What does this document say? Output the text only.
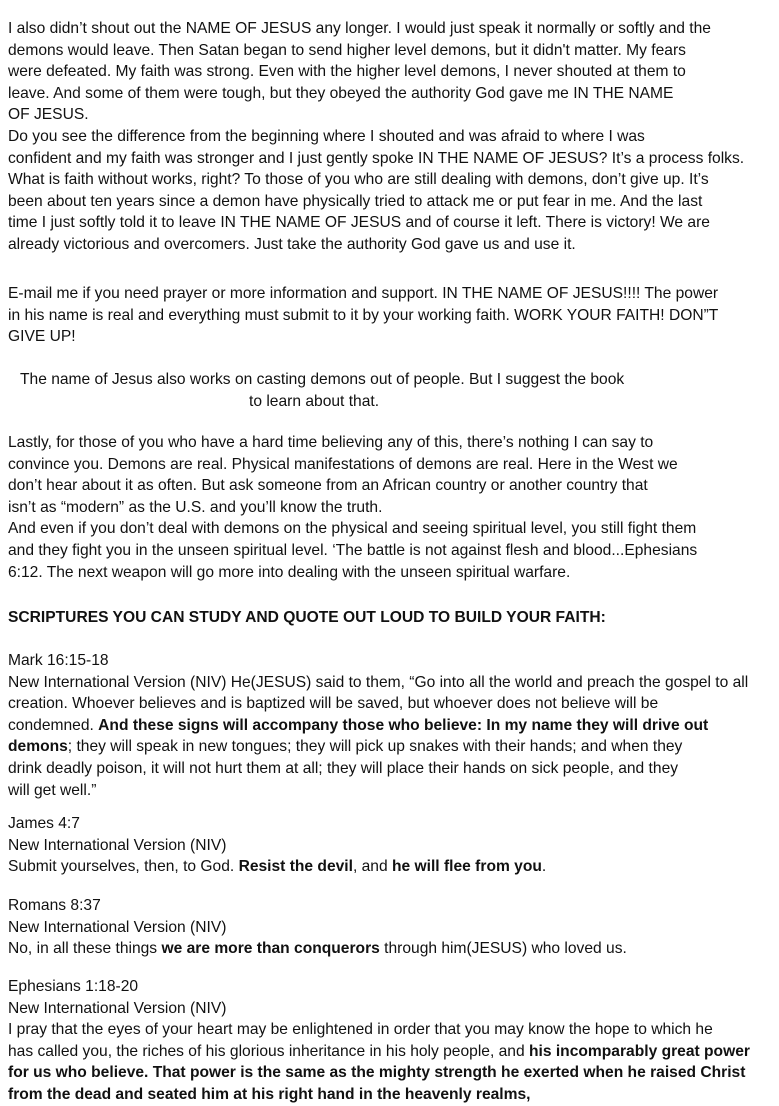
I also didn’t shout out the NAME OF JESUS any longer. I would just speak it normally or softly and the
demons would leave. Then Satan began to send higher level demons, but it didn't matter. My fears
were defeated. My faith was strong. Even with the higher level demons, I never shouted at them to
leave. And some of them were tough, but they obeyed the authority God gave me IN THE NAME
OF JESUS.
Do you see the difference from the beginning where I shouted and was afraid to where I was
confident and my faith was stronger and I just gently spoke IN THE NAME OF JESUS? It’s a process folks.
What is faith without works, right? To those of you who are still dealing with demons, don’t give up. It’s
been about ten years since a demon have physically tried to attack me or put fear in me. And the last
time I just softly told it to leave IN THE NAME OF JESUS and of course it left. There is victory! We are
already victorious and overcomers. Just take the authority God gave us and use it.
E-mail me if you need prayer or more information and support. IN THE NAME OF JESUS!!!! The power
in his name is real and everything must submit to it by your working faith. WORK YOUR FAITH! DON”T
GIVE UP!
The name of Jesus also works on casting demons out of people. But I suggest the book
to learn about that.
Lastly, for those of you who have a hard time believing any of this, there’s nothing I can say to
convince you. Demons are real. Physical manifestations of demons are real. Here in the West we
don’t hear about it as often. But ask someone from an African country or another country that
isn’t as “modern” as the U.S. and you’ll know the truth.
And even if you don’t deal with demons on the physical and seeing spiritual level, you still fight them
and they fight you in the unseen spiritual level. ‘The battle is not against flesh and blood...Ephesians
6:12. The next weapon will go more into dealing with the unseen spiritual warfare.
SCRIPTURES YOU CAN STUDY AND QUOTE OUT LOUD TO BUILD YOUR FAITH:
Mark 16:15-18
New International Version (NIV) He(JESUS) said to them, “Go into all the world and preach the gospel to all
creation. Whoever believes and is baptized will be saved, but whoever does not believe will be
condemned. And these signs will accompany those who believe: In my name they will drive out
demons; they will speak in new tongues; they will pick up snakes with their hands; and when they
drink deadly poison, it will not hurt them at all; they will place their hands on sick people, and they
will get well.”
James 4:7
New International Version (NIV)
Submit yourselves, then, to God. Resist the devil, and he will flee from you.
Romans 8:37
New International Version (NIV)
No, in all these things we are more than conquerors through him(JESUS) who loved us.
Ephesians 1:18-20
New International Version (NIV)
I pray that the eyes of your heart may be enlightened in order that you may know the hope to which he
has called you, the riches of his glorious inheritance in his holy people, and his incomparably great power
for us who believe. That power is the same as the mighty strength he exerted when he raised Christ
from the dead and seated him at his right hand in the heavenly realms,
